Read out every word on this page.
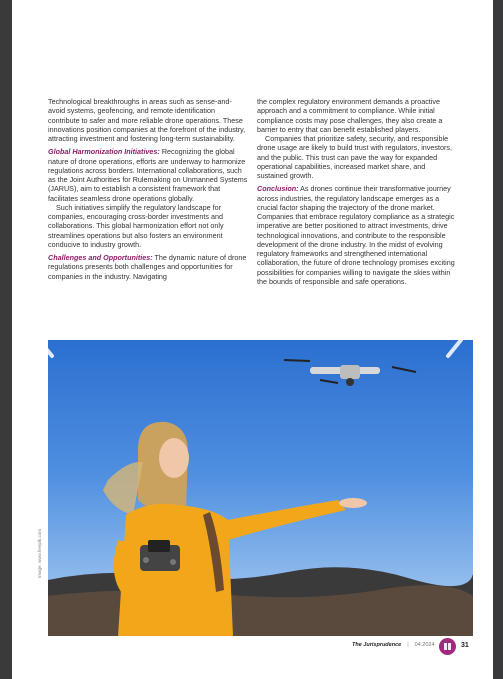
Technological breakthroughs in areas such as sense-and-avoid systems, geofencing, and remote identification contribute to safer and more reliable drone operations. These innovations position companies at the forefront of the industry, attracting investment and fostering long-term sustainability.

Global Harmonization Initiatives: Recognizing the global nature of drone operations, efforts are underway to harmonize regulations across borders. International collaborations, such as the Joint Authorities for Rulemaking on Unmanned Systems (JARUS), aim to establish a consistent framework that facilitates seamless drone operations globally.

Such initiatives simplify the regulatory landscape for companies, encouraging cross-border investments and collaborations. This global harmonization effort not only streamlines operations but also fosters an environment conducive to industry growth.

Challenges and Opportunities: The dynamic nature of drone regulations presents both challenges and opportunities for companies in the industry. Navigating

the complex regulatory environment demands a proactive approach and a commitment to compliance. While initial compliance costs may pose challenges, they also create a barrier to entry that can benefit established players.

Companies that prioritize safety, security, and responsible drone usage are likely to build trust with regulators, investors, and the public. This trust can pave the way for expanded operational capabilities, increased market share, and sustained growth.

Conclusion: As drones continue their transformative journey across industries, the regulatory landscape emerges as a crucial factor shaping the trajectory of the drone market. Companies that embrace regulatory compliance as a strategic imperative are better positioned to attract investments, drive technological innovations, and contribute to the responsible development of the drone industry. In the midst of evolving regulatory frameworks and strengthened international collaboration, the future of drone technology promises exciting possibilities for companies willing to navigate the skies within the bounds of responsible and safe operations.

Image: www.freepik.com
The Jurisprudence | 04.2024	31
